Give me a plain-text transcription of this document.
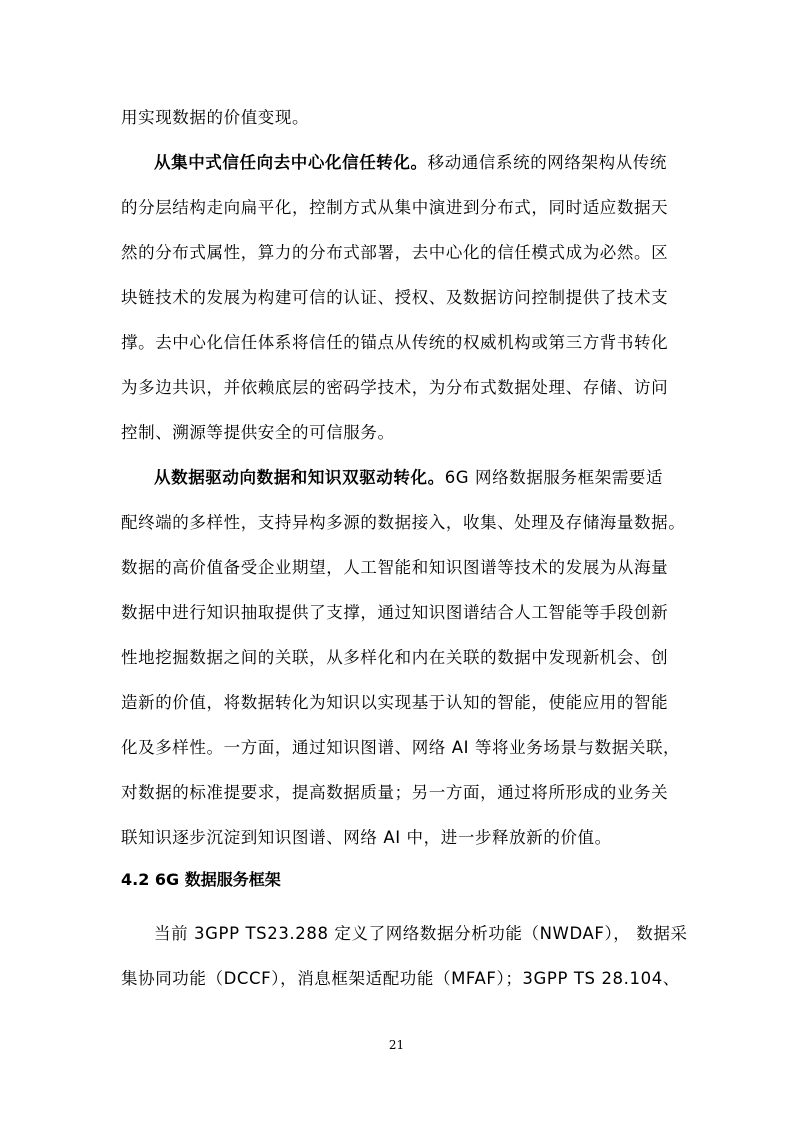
用实现数据的价值变现。
从集中式信任向去中心化信任转化。移动通信系统的网络架构从传统
的分层结构走向扁平化，控制方式从集中演进到分布式，同时适应数据天
然的分布式属性，算力的分布式部署，去中心化的信任模式成为必然。区
块链技术的发展为构建可信的认证、授权、及数据访问控制提供了技术支
撑。去中心化信任体系将信任的锚点从传统的权威机构或第三方背书转化
为多边共识，并依赖底层的密码学技术，为分布式数据处理、存储、访问
控制、溯源等提供安全的可信服务。
从数据驱动向数据和知识双驱动转化。6G 网络数据服务框架需要适
配终端的多样性，支持异构多源的数据接入，收集、处理及存储海量数据。
数据的高价值备受企业期望，人工智能和知识图谱等技术的发展为从海量
数据中进行知识抽取提供了支撑，通过知识图谱结合人工智能等手段创新
性地挖掘数据之间的关联，从多样化和内在关联的数据中发现新机会、创
造新的价值，将数据转化为知识以实现基于认知的智能，使能应用的智能
化及多样性。一方面，通过知识图谱、网络 AI 等将业务场景与数据关联，
对数据的标准提要求，提高数据质量；另一方面，通过将所形成的业务关
联知识逐步沉淀到知识图谱、网络 AI 中，进一步释放新的价值。
4.2 6G 数据服务框架
当前 3GPP TS23.288 定义了网络数据分析功能（NWDAF）， 数据采
集协同功能（DCCF），消息框架适配功能（MFAF）；3GPP TS 28.104、
21
